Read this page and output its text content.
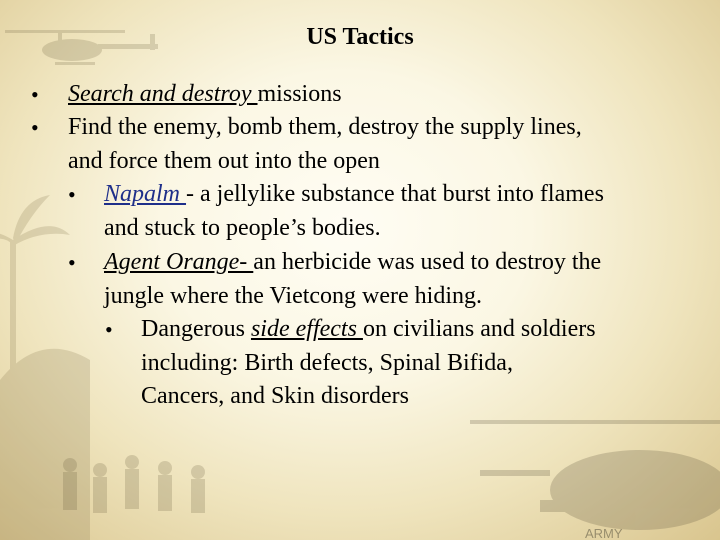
ARMY
US Tactics
• Search and destroy missions
• Find the enemy, bomb them, destroy the supply lines,
and force them out into the open
• Napalm - a jellylike substance that burst into flames
and stuck to people’s bodies.
• Agent Orange- an herbicide was used to destroy the
jungle where the Vietcong were hiding.
• Dangerous side effects on civilians and soldiers
including: Birth defects, Spinal Bifida,
Cancers, and Skin disorders
